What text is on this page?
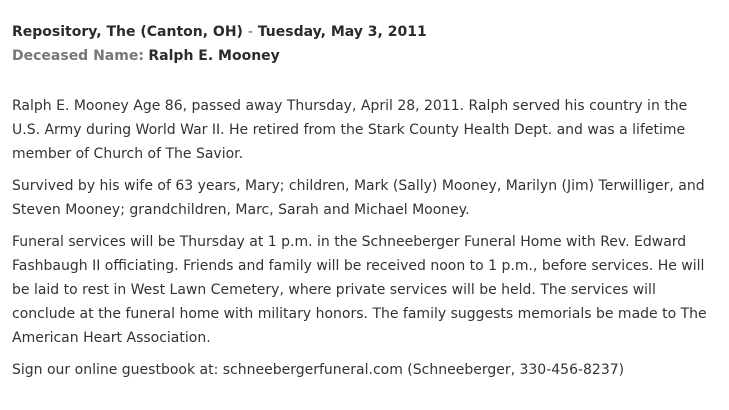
Repository, The (Canton, OH) - Tuesday, May 3, 2011
Deceased Name: Ralph E. Mooney

Ralph E. Mooney Age 86, passed away Thursday, April 28, 2011. Ralph served his country in the U.S. Army during World War II. He retired from the Stark County Health Dept. and was a lifetime member of Church of The Savior.

Survived by his wife of 63 years, Mary; children, Mark (Sally) Mooney, Marilyn (Jim) Terwilliger, and Steven Mooney; grandchildren, Marc, Sarah and Michael Mooney.

Funeral services will be Thursday at 1 p.m. in the Schneeberger Funeral Home with Rev. Edward Fashbaugh II officiating. Friends and family will be received noon to 1 p.m., before services. He will be laid to rest in West Lawn Cemetery, where private services will be held. The services will conclude at the funeral home with military honors. The family suggests memorials be made to The American Heart Association.

Sign our online guestbook at: schneebergerfuneral.com (Schneeberger, 330-456-8237)
